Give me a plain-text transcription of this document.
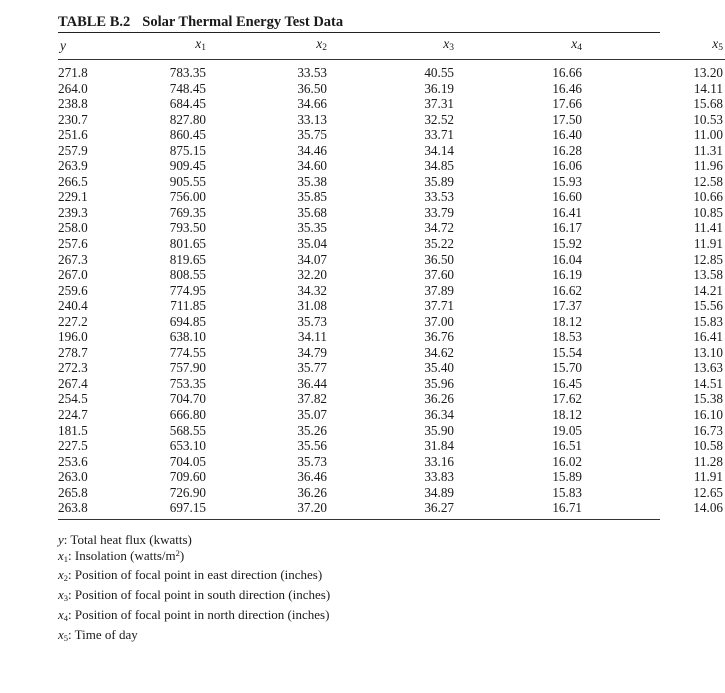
TABLE B.2 Solar Thermal Energy Test Data
y	$x_1$	$x_2$	$x_3$	$x_4$	$x_5$

271.8	783.35	33.53	40.55	16.66	13.20
264.0	748.45	36.50	36.19	16.46	14.11
238.8	684.45	34.66	37.31	17.66	15.68
230.7	827.80	33.13	32.52	17.50	10.53
251.6	860.45	35.75	33.71	16.40	11.00
257.9	875.15	34.46	34.14	16.28	11.31
263.9	909.45	34.60	34.85	16.06	11.96
266.5	905.55	35.38	35.89	15.93	12.58
229.1	756.00	35.85	33.53	16.60	10.66
239.3	769.35	35.68	33.79	16.41	10.85
258.0	793.50	35.35	34.72	16.17	11.41
257.6	801.65	35.04	35.22	15.92	11.91
267.3	819.65	34.07	36.50	16.04	12.85
267.0	808.55	32.20	37.60	16.19	13.58
259.6	774.95	34.32	37.89	16.62	14.21
240.4	711.85	31.08	37.71	17.37	15.56
227.2	694.85	35.73	37.00	18.12	15.83
196.0	638.10	34.11	36.76	18.53	16.41
278.7	774.55	34.79	34.62	15.54	13.10
272.3	757.90	35.77	35.40	15.70	13.63
267.4	753.35	36.44	35.96	16.45	14.51
254.5	704.70	37.82	36.26	17.62	15.38
224.7	666.80	35.07	36.34	18.12	16.10
181.5	568.55	35.26	35.90	19.05	16.73
227.5	653.10	35.56	31.84	16.51	10.58
253.6	704.05	35.73	33.16	16.02	11.28
263.0	709.60	36.46	33.83	15.89	11.91
265.8	726.90	36.26	34.89	15.83	12.65
263.8	697.15	37.20	36.27	16.71	14.06
y: Total heat flux (kwatts)
$x_1$: Insolation $(watts/m^2)$
$x_2$: Position of focal point in east direction (inches)
$x_3$: Position of focal point in south direction (inches)
$x_4$: Position of focal point in north direction (inches)
$x_5$: Time of day
